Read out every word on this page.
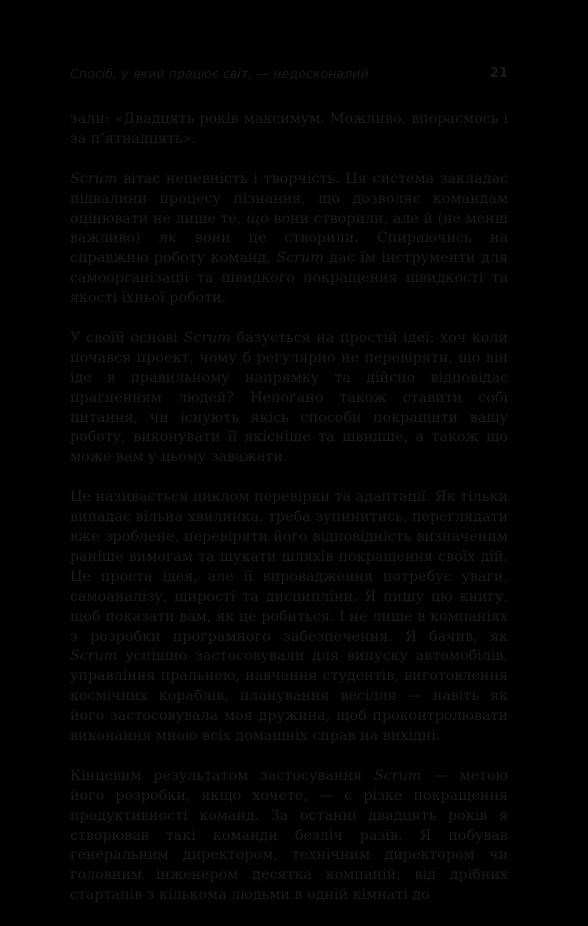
Спосіб, у який працює світ, — недосконалий	21

зали: «Двадцять років максимум. Можливо, впораємось і за п’ятнадцять».

Scrum вітає непевність і творчість. Ця система закладає підвалини процесу пізнання, що дозволяє командам оцінювати не лише те, що вони створили, але й (не менш важливо) як вони це створили. Спираючись на справжню роботу команд, Scrum дає їм інструменти для самоорганізації та швидкого покращення швидкості та якості їхньої роботи.

У своїй основі Scrum базується на простій ідеї: хоч коли почався проект, чому б регулярно не перевіряти, що він іде в правильному напрямку та дійсно відповідає прагненням людей? Непогано також ставити собі питання, чи існують якісь способи покращити вашу роботу, виконувати її якісніше та швидше, а також що може вам у цьому заважати.

Це називається циклом перевірки та адаптації. Як тільки випадає вільна хвилинка, треба зупинитись, переглядати вже зроблене, перевіряти його відповідність визначеним раніше вимогам та шукати шляхів покращення своїх дій. Це проста ідея, але її впровадження потребує уваги, самоаналізу, щирості та дисципліни. Я пишу цю книгу, щоб показати вам, як це робиться. І не лише в компаніях з розробки програмного забезпечення. Я бачив, як Scrum успішно застосовували для випуску автомобілів, управління пральнею, навчання студентів, виготовлення космічних кораблів, планування весілля — навіть як його застосовувала моя дружина, щоб проконтролювати виконання мною всіх домашніх справ на вихідні.

Кінцевим результатом застосування Scrum — метою його розробки, якщо хочете, — є різке покращення продуктивності команд. За останні двадцять років я створював такі команди безліч разів. Я побував генеральним директором, технічним директором чи головним інженером десятка компаній, від дрібних стартапів з кількома людьми в одній кімнаті до
